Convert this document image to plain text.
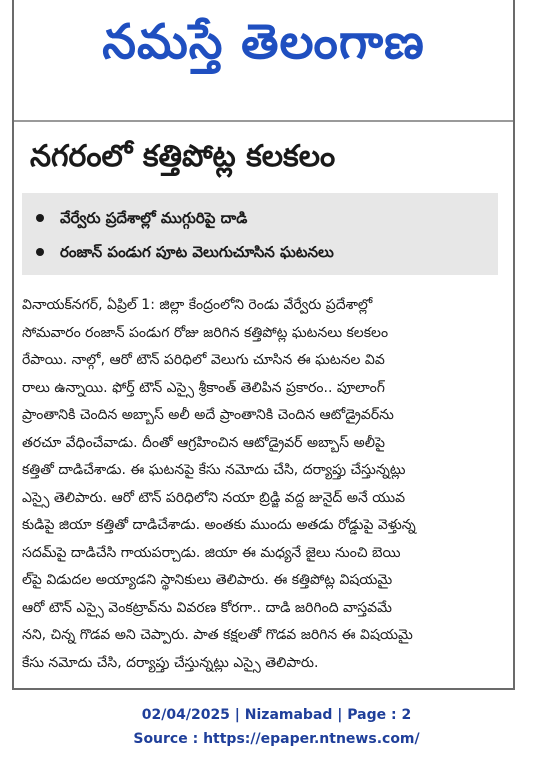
నమస్తే తెలంగాణ
నగరంలో కత్తిపోట్ల కలకలం
వేర్వేరు ప్రదేశాల్లో ముగ్గురిపై దాడి
రంజాన్ పండుగ పూట వెలుగుచూసిన ఘటనలు
వినాయక్‌నగర్, ఏప్రిల్ 1: జిల్లా కేంద్రంలోని రెండు వేర్వేరు ప్రదేశాల్లో
సోమవారం రంజాన్ పండుగ రోజు జరిగిన కత్తిపోట్ల ఘటనలు కలకలం
రేపాయి. నాల్గో, ఆరో టౌన్ పరిధిలో వెలుగు చూసిన ఈ ఘటనల వివ
రాలు ఉన్నాయి. ఫోర్త్ టౌన్ ఎస్సై శ్రీకాంత్ తెలిపిన ప్రకారం.. పూలాంగ్
ప్రాంతానికి చెందిన అబ్బాస్ అలీ అదే ప్రాంతానికి చెందిన ఆటోడ్రైవర్‌ను
తరచూ వేధించేవాడు. దీంతో ఆగ్రహించిన ఆటోడ్రైవర్ అబ్బాస్ అలీపై
కత్తితో దాడిచేశాడు. ఈ ఘటనపై కేసు నమోదు చేసి, దర్యాప్తు చేస్తున్నట్లు
ఎస్సై తెలిపారు. ఆరో టౌన్ పరిధిలోని నయా బ్రిడ్జి వద్ద జునైద్ అనే యువ
కుడిపై జియా కత్తితో దాడిచేశాడు. అంతకు ముందు అతడు రోడ్డుపై వెళ్తున్న
సదమ్‌పై దాడిచేసి గాయపర్చాడు. జియా ఈ మధ్యనే జైలు నుంచి బెయి
ల్‌పై విడుదల అయ్యాడని స్థానికులు తెలిపారు. ఈ కత్తిపోట్ల విషయమై
ఆరో టౌన్ ఎస్సై వెంకట్రావ్‌ను వివరణ కోరగా.. దాడి జరిగింది వాస్తవమే
నని, చిన్న గొడవ అని చెప్పారు. పాత కక్షలతో గొడవ జరిగిన ఈ విషయమై
కేసు నమోదు చేసి, దర్యాప్తు చేస్తున్నట్లు ఎస్సై తెలిపారు.
02/04/2025 | Nizamabad | Page : 2
Source : https://epaper.ntnews.com/
